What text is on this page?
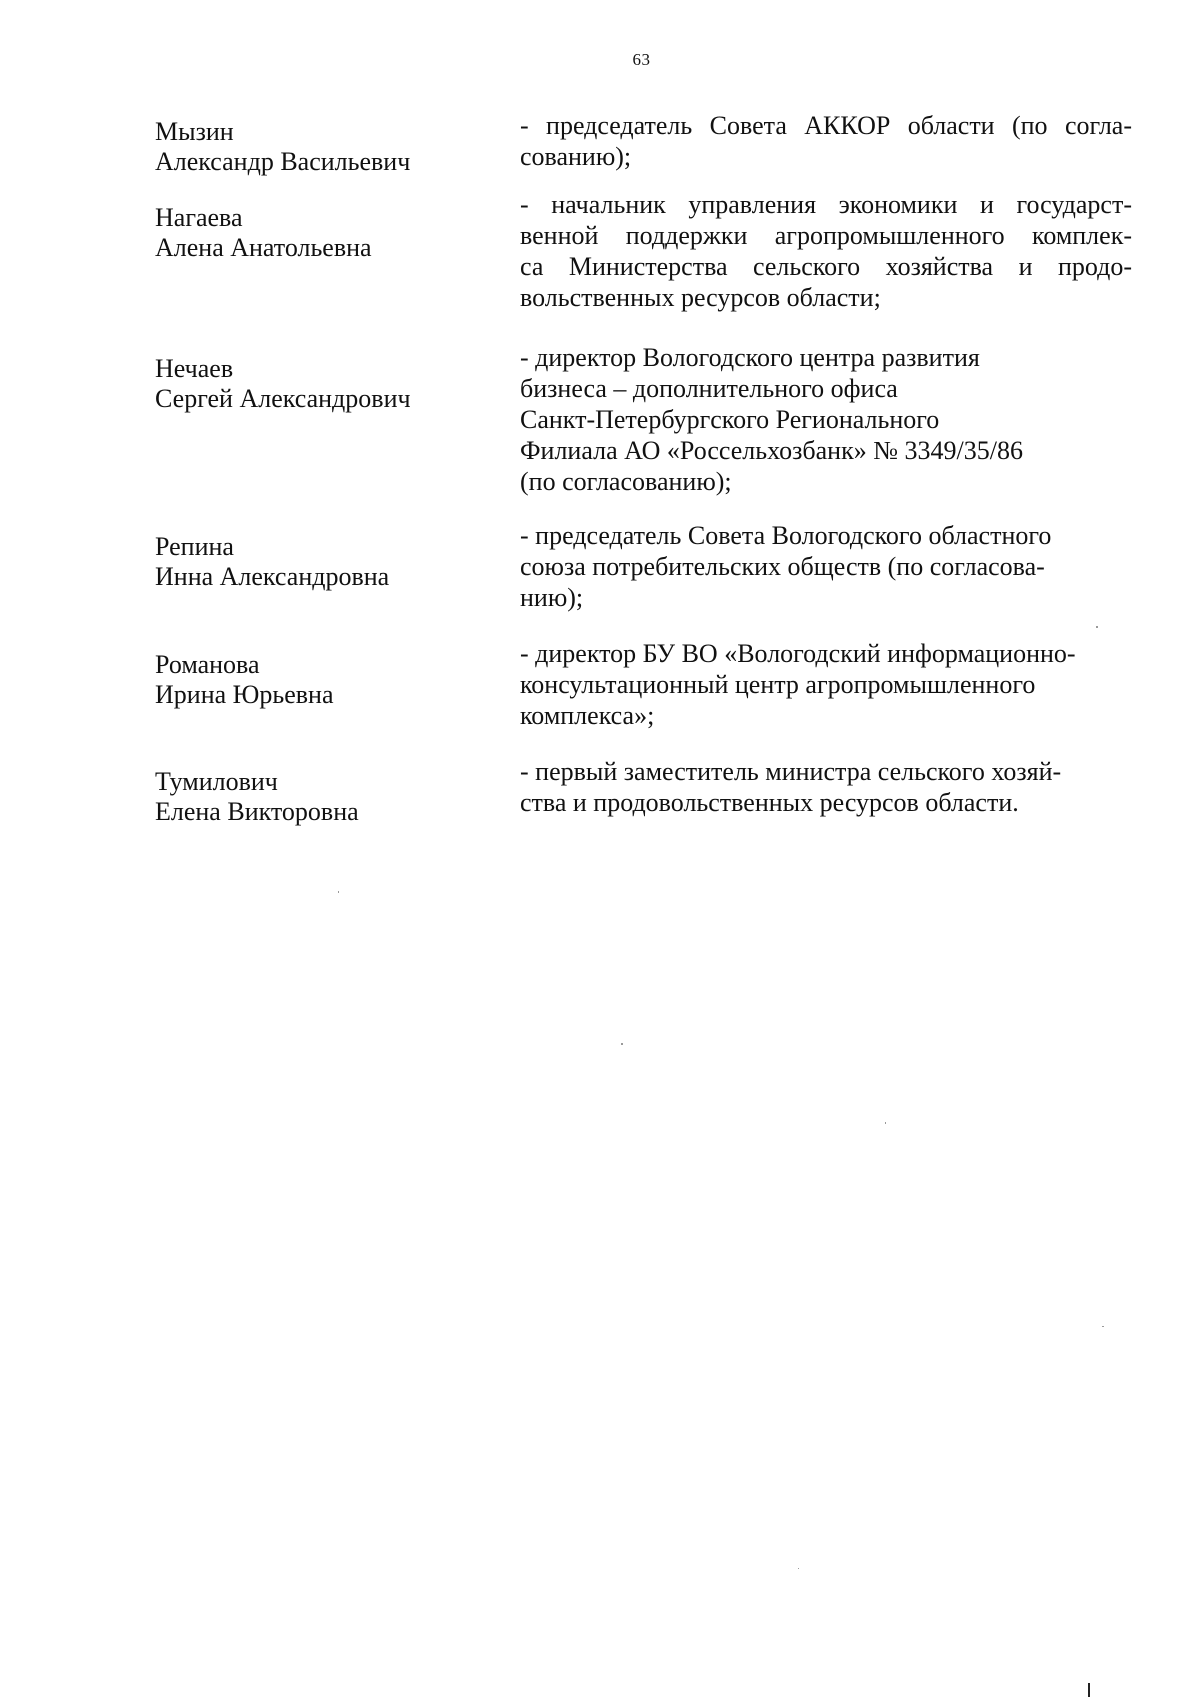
63
Мызин
Александр Васильевич
- председатель Совета АККОР области (по согла-
сованию);
Нагаева
Алена Анатольевна
- начальник управления экономики и государст-
венной поддержки агропромышленного комплек-
са Министерства сельского хозяйства и продо-
вольственных ресурсов области;
Нечаев
Сергей Александрович
- директор Вологодского центра развития
бизнеса – дополнительного офиса
Санкт-Петербургского Регионального
Филиала АО «Россельхозбанк» № 3349/35/86
(по согласованию);
Репина
Инна Александровна
- председатель Совета Вологодского областного
союза потребительских обществ (по согласова-
нию);
Романова
Ирина Юрьевна
- директор БУ ВО «Вологодский информационно-
консультационный центр агропромышленного
комплекса»;
Тумилович
Елена Викторовна
- первый заместитель министра сельского хозяй-
ства и продовольственных ресурсов области.
